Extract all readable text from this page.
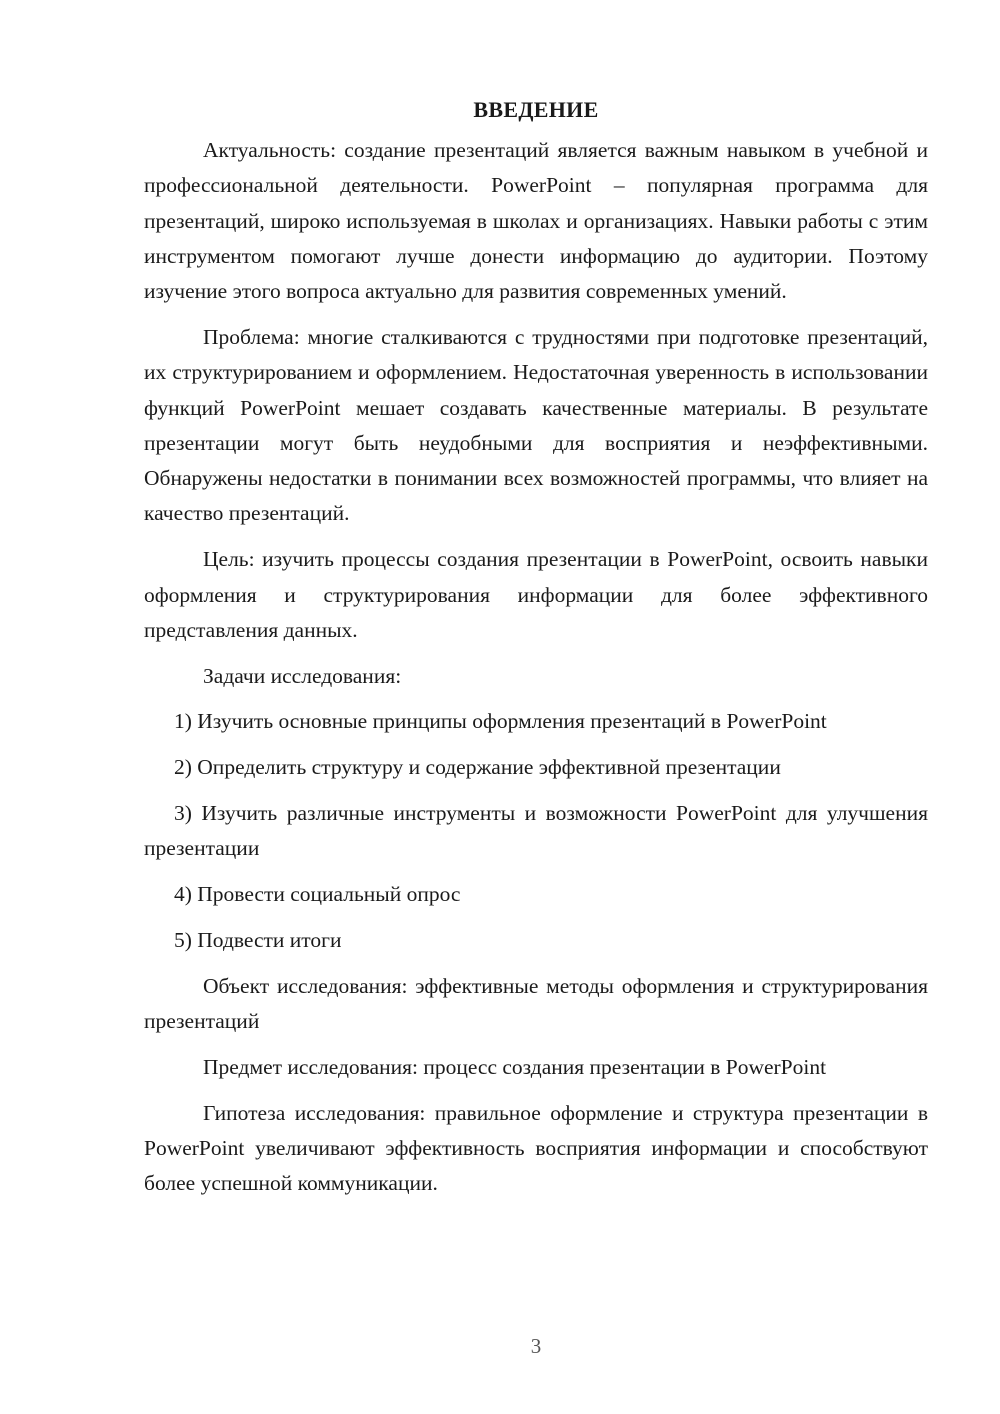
ВВЕДЕНИЕ

Актуальность: создание презентаций является важным навыком в учебной и профессиональной деятельности. PowerPoint – популярная программа для презентаций, широко используемая в школах и организациях. Навыки работы с этим инструментом помогают лучше донести информацию до аудитории. Поэтому изучение этого вопроса актуально для развития современных умений.

Проблема: многие сталкиваются с трудностями при подготовке презентаций, их структурированием и оформлением. Недостаточная уверенность в использовании функций PowerPoint мешает создавать качественные материалы. В результате презентации могут быть неудобными для восприятия и неэффективными. Обнаружены недостатки в понимании всех возможностей программы, что влияет на качество презентаций.

Цель: изучить процессы создания презентации в PowerPoint, освоить навыки оформления и структурирования информации для более эффективного представления данных.

Задачи исследования:

1) Изучить основные принципы оформления презентаций в PowerPoint

2) Определить структуру и содержание эффективной презентации

3) Изучить различные инструменты и возможности PowerPoint для улучшения презентации

4) Провести социальный опрос

5) Подвести итоги

Объект исследования: эффективные методы оформления и структурирования презентаций

Предмет исследования: процесс создания презентации в PowerPoint

Гипотеза исследования: правильное оформление и структура презентации в PowerPoint увеличивают эффективность восприятия информации и способствуют более успешной коммуникации.

3
